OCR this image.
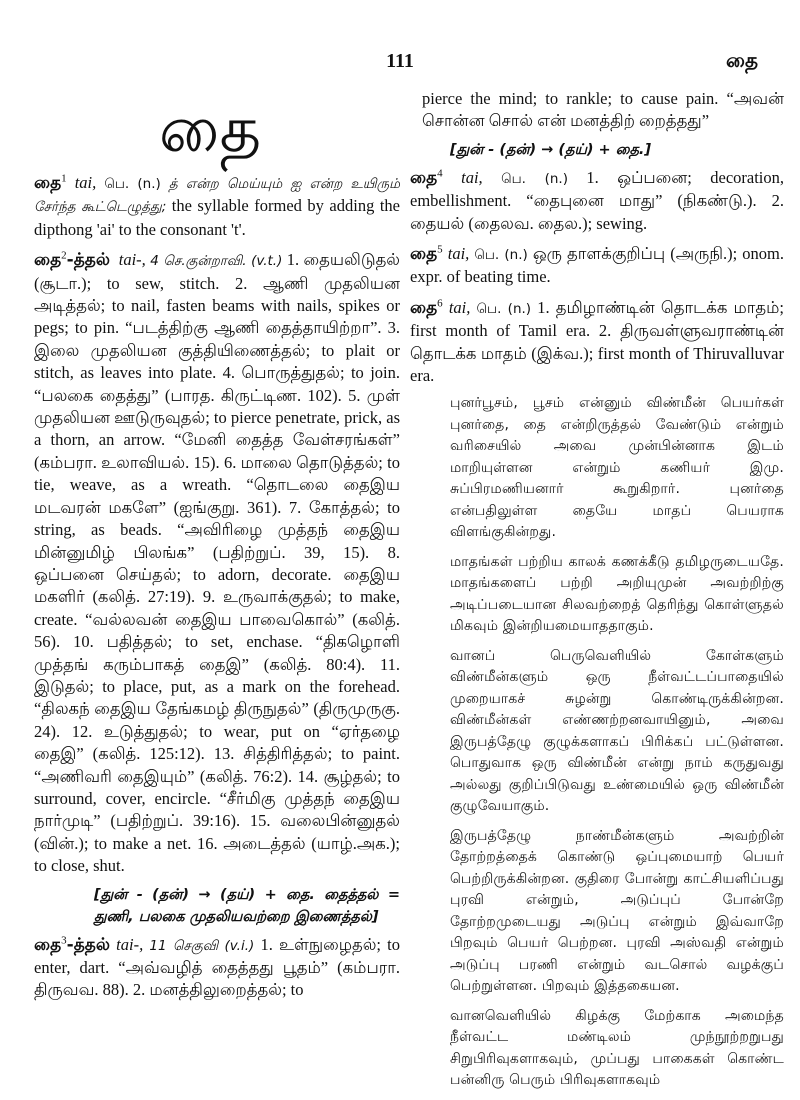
111	தை
தை

தை$^1$ tai, பெ. (n.) த் என்ற மெய்யும் ஐ என்ற உயிரும் சேர்ந்த கூட்டெழுத்து; the syllable formed by adding the dipthong 'ai' to the consonant 't'.

தை$^2$-த்தல் tai-, 4 செ.குன்றாவி. (v.t.) 1. தையலிடுதல் (சூடா.); to sew, stitch. 2. ஆணி முதலியன அடித்தல்; to nail, fasten beams with nails, spikes or pegs; to pin. “படத்திற்கு ஆணி தைத்தாயிற்றா”. 3. இலை முதலியன குத்தியிணைத்தல்; to plait or stitch, as leaves into plate. 4. பொருத்துதல்; to join. “பலகை தைத்து” (பாரத. கிருட்டிண. 102). 5. முள் முதலியன ஊடுருவுதல்; to pierce penetrate, prick, as a thorn, an arrow. “மேனி தைத்த வேள்சரங்கள்” (கம்பரா. உலாவியல். 15). 6. மாலை தொடுத்தல்; to tie, weave, as a wreath. “தொடலை தைஇய மடவரன் மகளே” (ஐங்குறு. 361). 7. கோத்தல்; to string, as beads. “அவிரிழை முத்தந் தைஇய மின்னுமிழ் பிலங்க” (பதிற்றுப். 39, 15). 8. ஒப்பனை செய்தல்; to adorn, decorate. தைஇய மகளிர் (கலித். 27:19). 9. உருவாக்குதல்; to make, create. “வல்லவன் தைஇய பாவைகொல்” (கலித். 56). 10. பதித்தல்; to set, enchase. “திகழொளி முத்தங் கரும்பாகத் தைஇ” (கலித். 80:4). 11. இடுதல்; to place, put, as a mark on the forehead. “திலகந் தைஇய தேங்கமழ் திருநுதல்” (திருமுருகு. 24). 12. உடுத்துதல்; to wear, put on “ஏர்தழை தைஇ” (கலித். 125:12). 13. சித்திரித்தல்; to paint. “அணிவரி தைஇயும்” (கலித். 76:2). 14. சூழ்தல்; to surround, cover, encircle. “சீர்மிகு முத்தந் தைஇய நார்முடி” (பதிற்றுப். 39:16). 15. வலைபின்னுதல் (வின்.); to make a net. 16. அடைத்தல் (யாழ்.அக.); to close, shut.

[துன் - (தன்) → (தய்) + தை. தைத்தல் = துணி, பலகை முதலியவற்றை இணைத்தல்]

தை$^3$-த்தல் tai-, 11 செகுவி (v.i.) 1. உள்நுழைதல்; to enter, dart. “அவ்வழித் தைத்தது பூதம்” (கம்பரா. திருவவ. 88). 2. மனத்திலுறைத்தல்; to

pierce the mind; to rankle; to cause pain. “அவன் சொன்ன சொல் என் மனத்திற் றைத்தது”

[துன் - (தன்) → (தய்) + தை.]

தை$^4$ tai, பெ. (n.) 1. ஒப்பனை; decoration, embellishment. “தைபுனை மாது” (நிகண்டு.). 2. தையல் (தைலவ. தைல.); sewing.

தை$^5$ tai, பெ. (n.) ஒரு தாளக்குறிப்பு (அருநி.); onom. expr. of beating time.

தை$^6$ tai, பெ. (n.) 1. தமிழாண்டின் தொடக்க மாதம்; first month of Tamil era. 2. திருவள்ளுவராண்டின் தொடக்க மாதம் (இக்வ.); first month of Thiruvalluvar era.

புனர்பூசம், பூசம் என்னும் விண்மீன் பெயர்கள் புனர்தை, தை என்றிருத்தல் வேண்டும் என்றும் வரிசையில் அவை முன்பின்னாக இடம் மாறியுள்ளன என்றும் கணியர் இமு. சுப்பிரமணியனார் கூறுகிறார். புனர்தை என்பதிலுள்ள தையே மாதப் பெயராக விளங்குகின்றது.

மாதங்கள் பற்றிய காலக் கணக்கீடு தமிழருடையதே. மாதங்களைப் பற்றி அறியுமுன் அவற்றிற்கு அடிப்படையான சிலவற்றைத் தெரிந்து கொள்ளுதல் மிகவும் இன்றியமையாததாகும்.

வானப் பெருவெளியில் கோள்களும் விண்மீன்களும் ஒரு நீள்வட்டப்பாதையில் முறையாகச் சுழன்று கொண்டிருக்கின்றன. விண்மீன்கள் எண்ணற்றனவாயினும், அவை இருபத்தேழு குழுக்களாகப் பிரிக்கப் பட்டுள்ளன. பொதுவாக ஒரு விண்மீன் என்று நாம் கருதுவது அல்லது குறிப்பிடுவது உண்மையில் ஒரு விண்மீன் குழுவேயாகும்.

இருபத்தேழு நாண்மீன்களும் அவற்றின் தோற்றத்தைக் கொண்டு ஒப்புமையாற் பெயர் பெற்றிருக்கின்றன. குதிரை போன்று காட்சியளிப்பது புரவி என்றும், அடுப்புப் போன்றே தோற்றமுடையது அடுப்பு என்றும் இவ்வாறே பிறவும் பெயர் பெற்றன. புரவி அஸ்வதி என்றும் அடுப்பு பரணி என்றும் வடசொல் வழக்குப் பெற்றுள்ளன. பிறவும் இத்தகையன.

வானவெளியில் கிழக்கு மேற்காக அமைந்த நீள்வட்ட மண்டிலம் முந்நூற்றறுபது சிறுபிரிவுகளாகவும், முப்பது பாகைகள் கொண்ட பன்னிரு பெரும் பிரிவுகளாகவும்
